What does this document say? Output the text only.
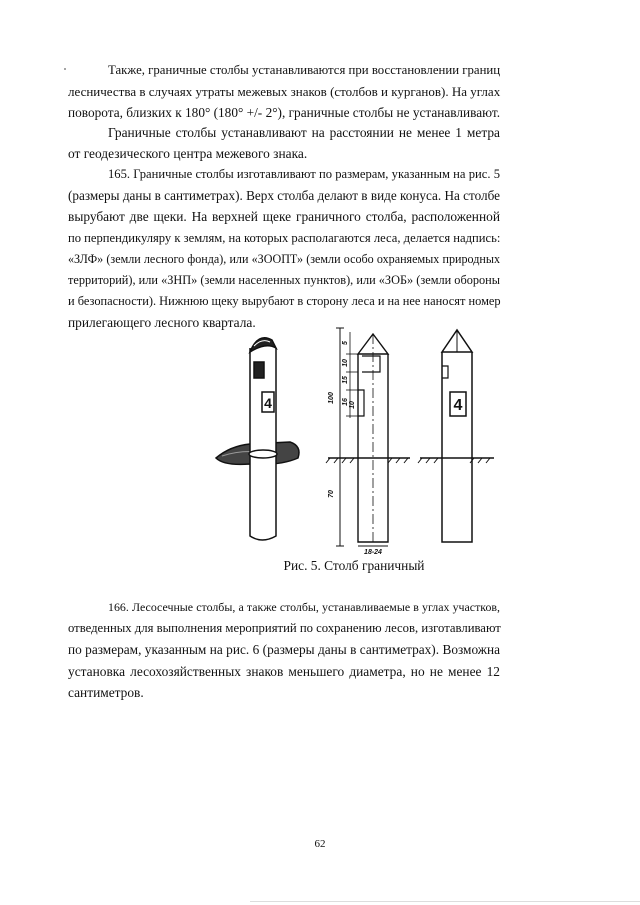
Также, граничные столбы устанавливаются при восстановлении границ
лесничества в случаях утраты межевых знаков (столбов и курганов). На углах
поворота, близких к 180° (180° +/- 2°), граничные столбы не устанавливают.

Граничные столбы устанавливают на расстоянии не менее 1 метра
от геодезического центра межевого знака.

165. Граничные столбы изготавливают по размерам, указанным на рис. 5
(размеры даны в сантиметрах). Верх столба делают в виде конуса. На столбе
вырубают две щеки. На верхней щеке граничного столба, расположенной
по перпендикуляру к землям, на которых располагаются леса, делается надпись:
«ЗЛФ» (земли лесного фонда), или «ЗООПТ» (земли особо охраняемых природных
территорий), или «ЗНП» (земли населенных пунктов), или «ЗОБ» (земли обороны
и безопасности). Нижнюю щеку вырубают в сторону леса и на нее наносят номер
прилегающего лесного квартала.

4	100
70
5
10
15
16 10
18-24
4

Рис. 5. Столб граничный

166. Лесосечные столбы, а также столбы, устанавливаемые в углах участков,
отведенных для выполнения мероприятий по сохранению лесов, изготавливают
по размерам, указанным на рис. 6 (размеры даны в сантиметрах). Возможна
установка лесохозяйственных знаков меньшего диаметра, но не менее 12
сантиметров.

62
